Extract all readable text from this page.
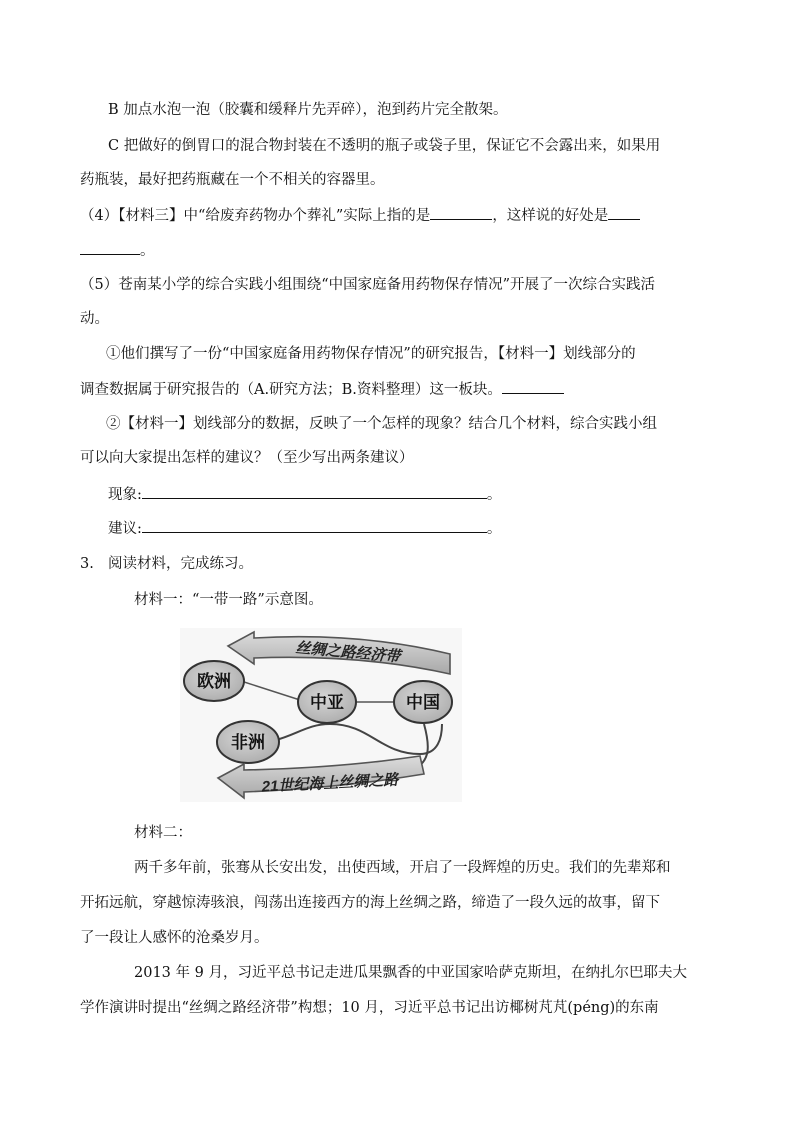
B 加点水泡一泡（胶囊和缓释片先弄碎），泡到药片完全散架。
C 把做好的倒胃口的混合物封装在不透明的瓶子或袋子里，保证它不会露出来，如果用
药瓶装，最好把药瓶藏在一个不相关的容器里。
（4）【材料三】中“给废弃药物办个葬礼”实际上指的是	，这样说的好处是
。
（5）苍南某小学的综合实践小组围绕“中国家庭备用药物保存情况”开展了一次综合实践活
动。
①他们撰写了一份“中国家庭备用药物保存情况”的研究报告，【材料一】划线部分的
调查数据属于研究报告的（A.研究方法；B.资料整理）这一板块。
②【材料一】划线部分的数据，反映了一个怎样的现象？结合几个材料，综合实践小组
可以向大家提出怎样的建议？（至少写出两条建议）
现象:	。
建议:	。
3. 阅读材料，完成练习。
材料一：“一带一路”示意图。
丝绸之路经济带
欧洲
中亚	中国
非洲
21世纪海上丝绸之路
材料二：
两千多年前，张骞从长安出发，出使西域，开启了一段辉煌的历史。我们的先辈郑和
开拓远航，穿越惊涛骇浪，闯荡出连接西方的海上丝绸之路，缔造了一段久远的故事，留下
了一段让人感怀的沧桑岁月。
2013 年 9 月，习近平总书记走进瓜果飘香的中亚国家哈萨克斯坦，在纳扎尔巴耶夫大
学作演讲时提出“丝绸之路经济带”构想；10 月，习近平总书记出访椰树芃芃(péng)的东南
